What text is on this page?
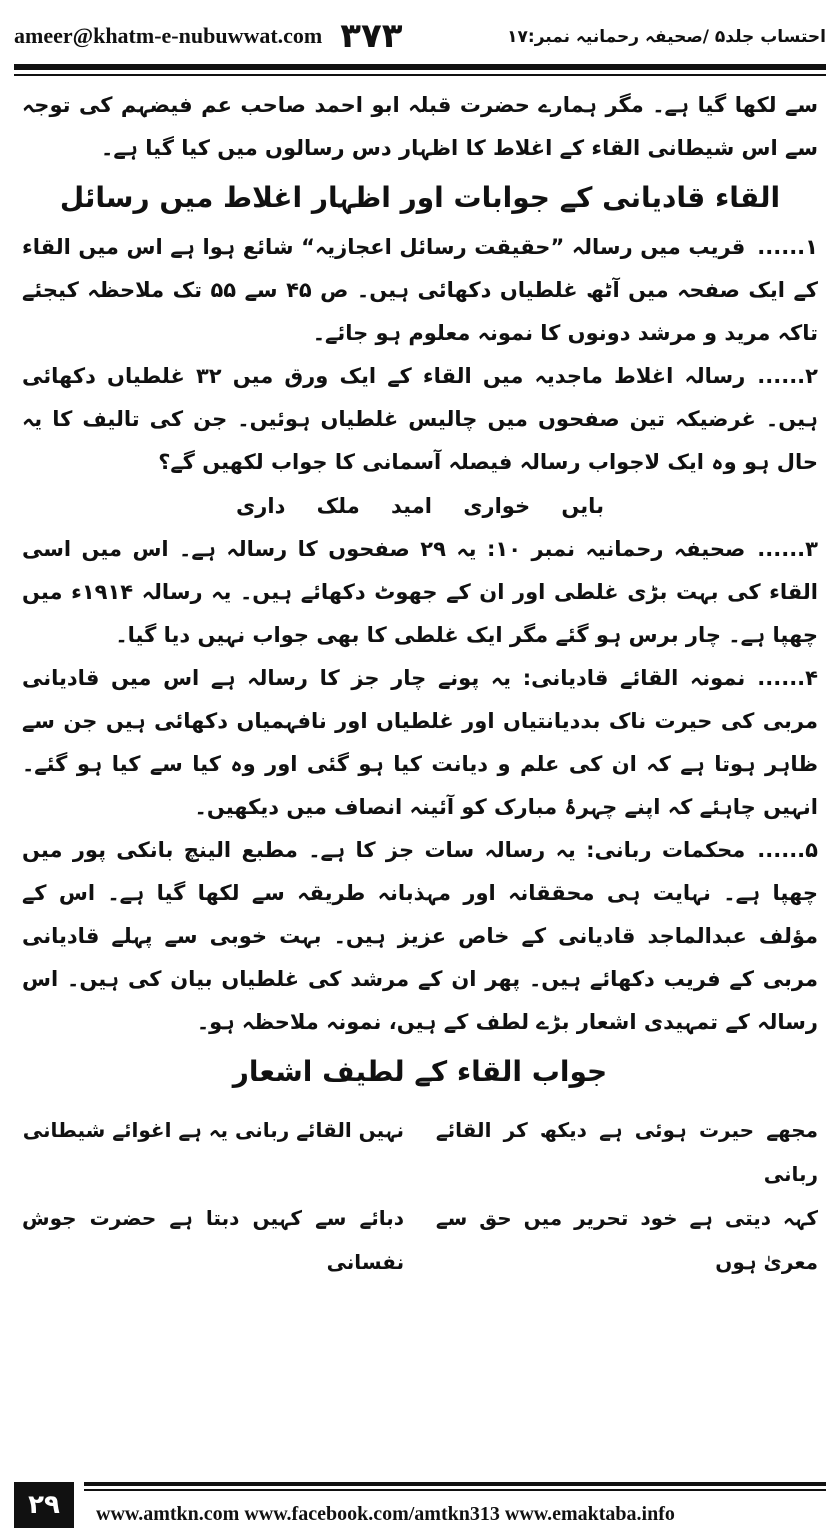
ameer@khatm-e-nubuwwat.com ۳۷۳	احتساب جلد۵ /صحیفہ رحمانیہ نمبر:۱۷

سے لکھا گیا ہے۔ مگر ہمارے حضرت قبلہ ابو احمد صاحب عم فیضہم کی توجہ سے اس شیطانی القاء کے اغلاط کا اظہار دس رسالوں میں کیا گیا ہے۔

القاء قادیانی کے جوابات اور اظہار اغلاط میں رسائل

۱......قریب میں رسالہ ”حقیقت رسائل اعجازیہ“ شائع ہوا ہے اس میں القاء کے ایک صفحہ میں آٹھ غلطیاں دکھائی ہیں۔ ص ۴۵ سے ۵۵ تک ملاحظہ کیجئے تاکہ مرید و مرشد دونوں کا نمونہ معلوم ہو جائے۔

۲......رسالہ اغلاط ماجدیہ میں القاء کے ایک ورق میں ۳۲ غلطیاں دکھائی ہیں۔ غرضیکہ تین صفحوں میں چالیس غلطیاں ہوئیں۔ جن کی تالیف کا یہ حال ہو وہ ایک لاجواب رسالہ فیصلہ آسمانی کا جواب لکھیں گے؟

بایں خواری امید ملک داری

۳......صحیفہ رحمانیہ نمبر ۱۰: یہ ۲۹ صفحوں کا رسالہ ہے۔ اس میں اسی القاء کی بہت بڑی غلطی اور ان کے جھوٹ دکھائے ہیں۔ یہ رسالہ ۱۹۱۴ء میں چھپا ہے۔ چار برس ہو گئے مگر ایک غلطی کا بھی جواب نہیں دیا گیا۔

۴......نمونہ القائے قادیانی: یہ پونے چار جز کا رسالہ ہے اس میں قادیانی مربی کی حیرت ناک بددیانتیاں اور غلطیاں اور نافہمیاں دکھائی ہیں جن سے ظاہر ہوتا ہے کہ ان کی علم و دیانت کیا ہو گئی اور وہ کیا سے کیا ہو گئے۔ انہیں چاہئے کہ اپنے چہرۂ مبارک کو آئینہ انصاف میں دیکھیں۔

۵......محکمات ربانی: یہ رسالہ سات جز کا ہے۔ مطبع الینچ بانکی پور میں چھپا ہے۔ نہایت ہی محققانہ اور مہذبانہ طریقہ سے لکھا گیا ہے۔ اس کے مؤلف عبدالماجد قادیانی کے خاص عزیز ہیں۔ بہت خوبی سے پہلے قادیانی مربی کے فریب دکھائے ہیں۔ پھر ان کے مرشد کی غلطیاں بیان کی ہیں۔ اس رسالہ کے تمہیدی اشعار بڑے لطف کے ہیں، نمونہ ملاحظہ ہو۔

جواب القاء کے لطیف اشعار

مجھے حیرت ہوئی ہے دیکھ کر القائے ربانی
نہیں القائے ربانی یہ ہے اغوائے شیطانی
کہہ دیتی ہے خود تحریر میں حق سے معریٰ ہوں
دبائے سے کہیں دبتا ہے حضرت جوش نفسانی
۲۹	www.amtkn.com www.facebook.com/amtkn313 www.emaktaba.info
